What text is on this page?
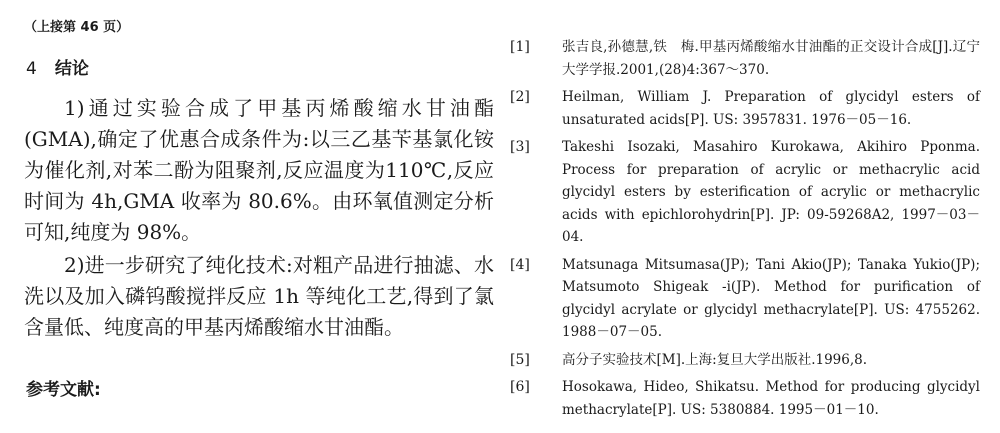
（上接第 46 页）
4 结论
1)通过实验合成了甲基丙烯酸缩水甘油酯(GMA),确定了优惠合成条件为:以三乙基苄基氯化铵为催化剂,对苯二酚为阻聚剂,反应温度为110℃,反应时间为 4h,GMA 收率为 80.6%。由环氧值测定分析可知,纯度为 98%。
2)进一步研究了纯化技术:对粗产品进行抽滤、水洗以及加入磷钨酸搅拌反应 1h 等纯化工艺,得到了氯含量低、纯度高的甲基丙烯酸缩水甘油酯。
参考文献:
[1] 张吉良,孙德慧,铁　梅.甲基丙烯酸缩水甘油酯的正交设计合成[J].辽宁大学学报.2001,(28)4:367～370.
[2] Heilman, William J. Preparation of glycidyl esters of unsaturated acids[P]. US: 3957831. 1976－05－16.
[3] Takeshi Isozaki, Masahiro Kurokawa, Akihiro Pponma. Process for preparation of acrylic or methacrylic acid glycidyl esters by esterification of acrylic or methacrylic acids with epichlorohydrin[P]. JP: 09-59268A2, 1997－03－04.
[4] Matsunaga Mitsumasa(JP); Tani Akio(JP); Tanaka Yukio(JP); Matsumoto Shigeak -i(JP). Method for purification of glycidyl acrylate or glycidyl methacrylate[P]. US: 4755262. 1988－07－05.
[5] 高分子实验技术[M].上海:复旦大学出版社.1996,8.
[6] Hosokawa, Hideo, Shikatsu. Method for producing glycidyl methacrylate[P]. US: 5380884. 1995－01－10.
